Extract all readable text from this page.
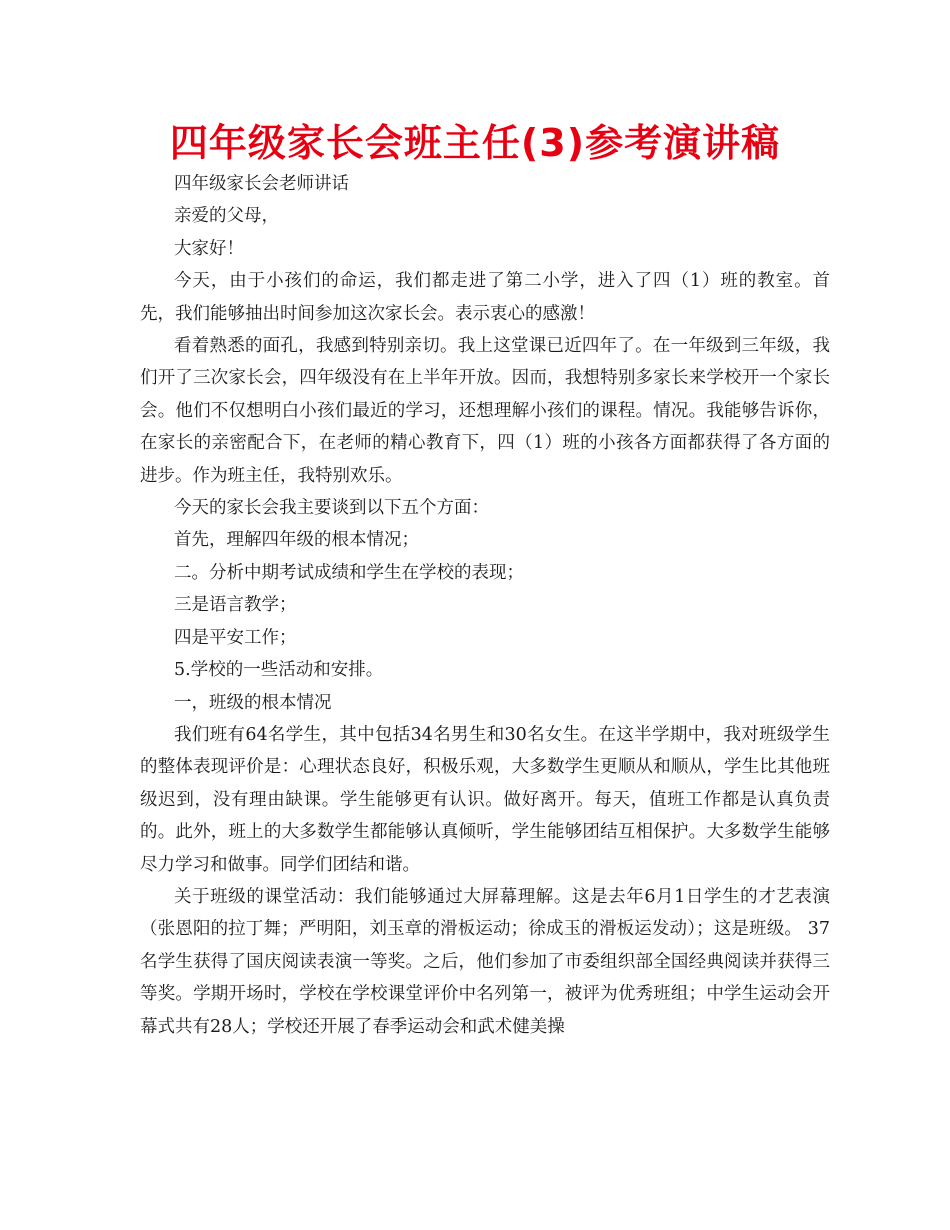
四年级家长会班主任(3)参考演讲稿

四年级家长会老师讲话

亲爱的父母，

大家好！

今天，由于小孩们的命运，我们都走进了第二小学，进入了四（1）班的教室。首先，我们能够抽出时间参加这次家长会。表示衷心的感激！

看着熟悉的面孔，我感到特别亲切。我上这堂课已近四年了。在一年级到三年级，我们开了三次家长会，四年级没有在上半年开放。因而，我想特别多家长来学校开一个家长会。他们不仅想明白小孩们最近的学习，还想理解小孩们的课程。情况。我能够告诉你，在家长的亲密配合下，在老师的精心教育下，四（1）班的小孩各方面都获得了各方面的进步。作为班主任，我特别欢乐。

今天的家长会我主要谈到以下五个方面：

首先，理解四年级的根本情况；

二。分析中期考试成绩和学生在学校的表现；

三是语言教学；

四是平安工作；

5.学校的一些活动和安排。

一，班级的根本情况

我们班有64名学生，其中包括34名男生和30名女生。在这半学期中，我对班级学生的整体表现评价是：心理状态良好，积极乐观，大多数学生更顺从和顺从，学生比其他班级迟到，没有理由缺课。学生能够更有认识。做好离开。每天，值班工作都是认真负责的。此外，班上的大多数学生都能够认真倾听，学生能够团结互相保护。大多数学生能够尽力学习和做事。同学们团结和谐。

关于班级的课堂活动：我们能够通过大屏幕理解。这是去年6月1日学生的才艺表演（张恩阳的拉丁舞；严明阳，刘玉章的滑板运动；徐成玉的滑板运发动）；这是班级。 37名学生获得了国庆阅读表演一等奖。之后，他们参加了市委组织部全国经典阅读并获得三等奖。学期开场时，学校在学校课堂评价中名列第一，被评为优秀班组；中学生运动会开幕式共有28人；学校还开展了春季运动会和武术健美操
